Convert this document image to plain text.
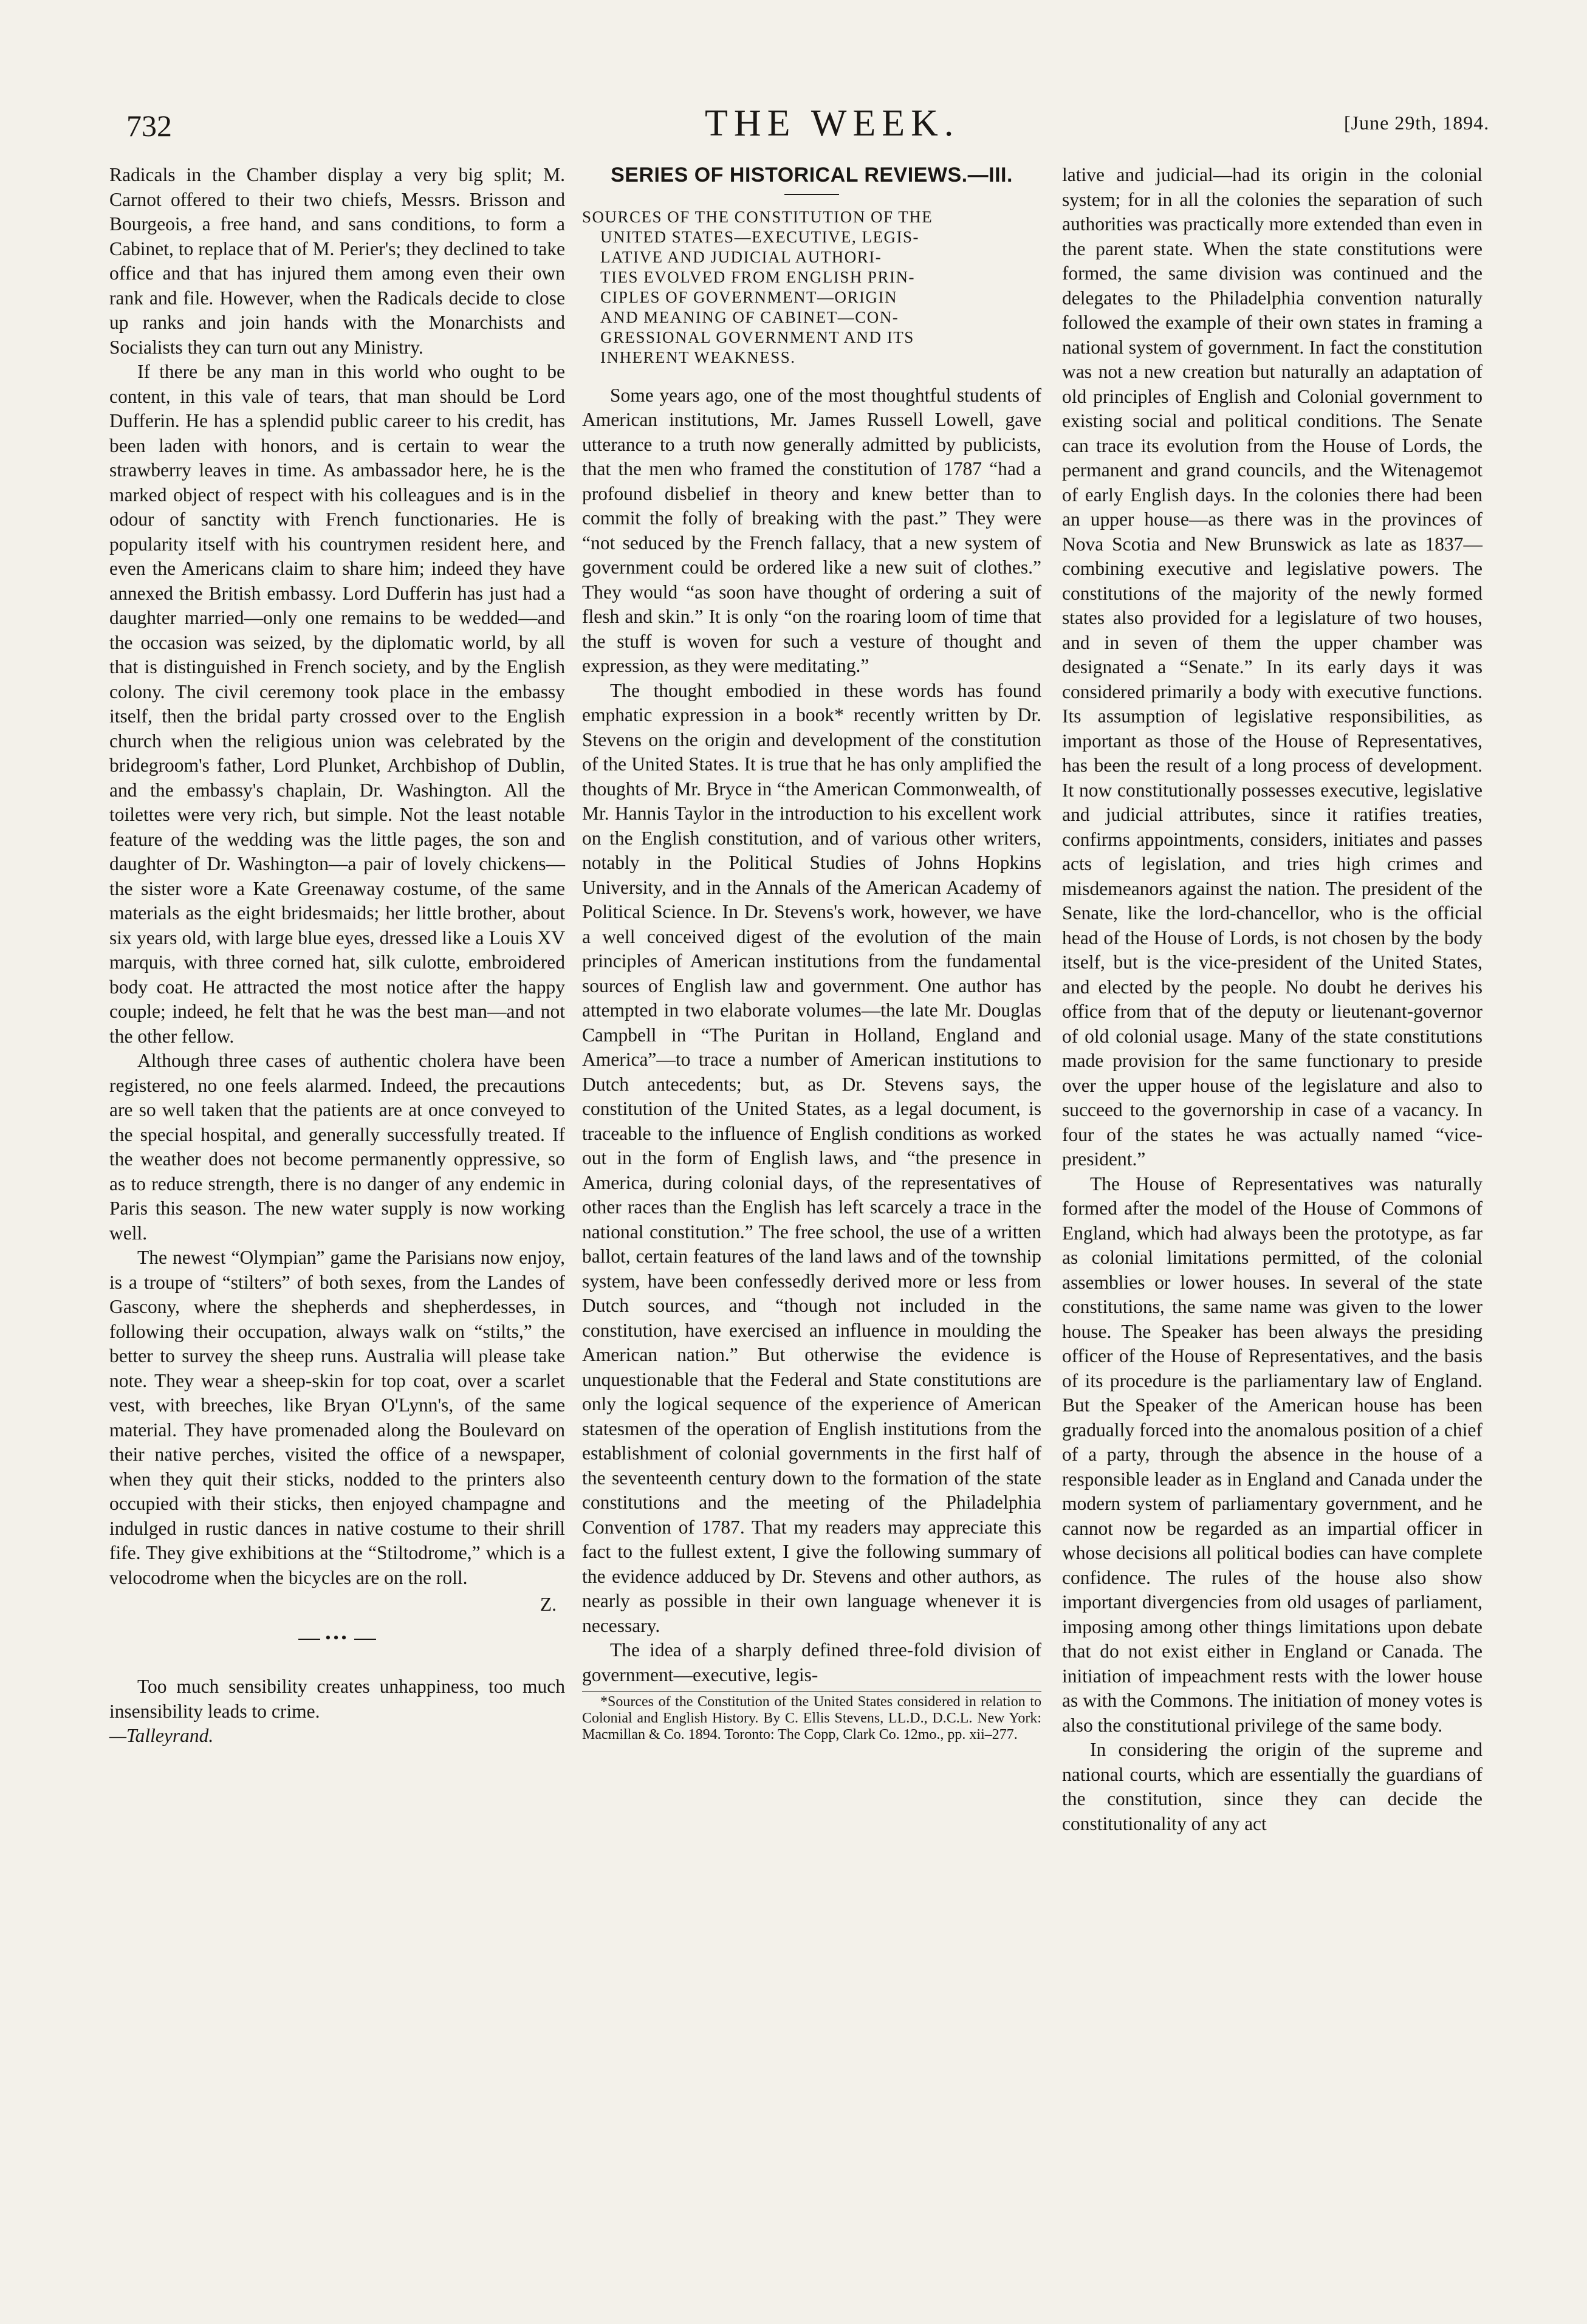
732	THE WEEK.	[June 29th, 1894.

Radicals in the Chamber display a very big split; M. Carnot offered to their two chiefs, Messrs. Brisson and Bourgeois, a free hand, and sans conditions, to form a Cabinet, to replace that of M. Perier's; they declined to take office and that has injured them among even their own rank and file. However, when the Radicals decide to close up ranks and join hands with the Monarchists and Socialists they can turn out any Ministry.

If there be any man in this world who ought to be content, in this vale of tears, that man should be Lord Dufferin. He has a splendid public career to his credit, has been laden with honors, and is certain to wear the strawberry leaves in time. As ambassador here, he is the marked object of respect with his colleagues and is in the odour of sanctity with French functionaries. He is popularity itself with his countrymen resident here, and even the Americans claim to share him; indeed they have annexed the British embassy. Lord Dufferin has just had a daughter married—only one remains to be wedded—and the occasion was seized, by the diplomatic world, by all that is distinguished in French society, and by the English colony. The civil ceremony took place in the embassy itself, then the bridal party crossed over to the English church when the religious union was celebrated by the bridegroom's father, Lord Plunket, Archbishop of Dublin, and the embassy's chaplain, Dr. Washington. All the toilettes were very rich, but simple. Not the least notable feature of the wedding was the little pages, the son and daughter of Dr. Washington—a pair of lovely chickens—the sister wore a Kate Greenaway costume, of the same materials as the eight bridesmaids; her little brother, about six years old, with large blue eyes, dressed like a Louis XV marquis, with three corned hat, silk culotte, embroidered body coat. He attracted the most notice after the happy couple; indeed, he felt that he was the best man—and not the other fellow.

Although three cases of authentic cholera have been registered, no one feels alarmed. Indeed, the precautions are so well taken that the patients are at once conveyed to the special hospital, and generally successfully treated. If the weather does not become permanently oppressive, so as to reduce strength, there is no danger of any endemic in Paris this season. The new water supply is now working well.

The newest “Olympian” game the Parisians now enjoy, is a troupe of “stilters” of both sexes, from the Landes of Gascony, where the shepherds and shepherdesses, in following their occupation, always walk on “stilts,” the better to survey the sheep runs. Australia will please take note. They wear a sheep-skin for top coat, over a scarlet vest, with breeches, like Bryan O'Lynn's, of the same material. They have promenaded along the Boulevard on their native perches, visited the office of a newspaper, when they quit their sticks, nodded to the printers also occupied with their sticks, then enjoyed champagne and indulged in rustic dances in native costume to their shrill fife. They give exhibitions at the “Stiltodrome,” which is a velocodrome when the bicycles are on the roll.

Z.
•••

Too much sensibility creates unhappiness, too much insensibility leads to crime.

—Talleyrand.
SERIES OF HISTORICAL REVIEWS.—III.
SOURCES OF THE CONSTITUTION OF THE
UNITED STATES—EXECUTIVE, LEGIS-
LATIVE AND JUDICIAL AUTHORI-
TIES EVOLVED FROM ENGLISH PRIN-
CIPLES OF GOVERNMENT—ORIGIN
AND MEANING OF CABINET—CON-
GRESSIONAL GOVERNMENT AND ITS
INHERENT WEAKNESS.

Some years ago, one of the most thoughtful students of American institutions, Mr. James Russell Lowell, gave utterance to a truth now generally admitted by publicists, that the men who framed the constitution of 1787 “had a profound disbelief in theory and knew better than to commit the folly of breaking with the past.” They were “not seduced by the French fallacy, that a new system of government could be ordered like a new suit of clothes.” They would “as soon have thought of ordering a suit of flesh and skin.” It is only “on the roaring loom of time that the stuff is woven for such a vesture of thought and expression, as they were meditating.”

The thought embodied in these words has found emphatic expression in a book* recently written by Dr. Stevens on the origin and development of the constitution of the United States. It is true that he has only amplified the thoughts of Mr. Bryce in “the American Commonwealth, of Mr. Hannis Taylor in the introduction to his excellent work on the English constitution, and of various other writers, notably in the Political Studies of Johns Hopkins University, and in the Annals of the American Academy of Political Science. In Dr. Stevens's work, however, we have a well conceived digest of the evolution of the main principles of American institutions from the fundamental sources of English law and government. One author has attempted in two elaborate volumes—the late Mr. Douglas Campbell in “The Puritan in Holland, England and America”—to trace a number of American institutions to Dutch antecedents; but, as Dr. Stevens says, the constitution of the United States, as a legal document, is traceable to the influence of English conditions as worked out in the form of English laws, and “the presence in America, during colonial days, of the representatives of other races than the English has left scarcely a trace in the national constitution.” The free school, the use of a written ballot, certain features of the land laws and of the township system, have been confessedly derived more or less from Dutch sources, and “though not included in the constitution, have exercised an influence in moulding the American nation.” But otherwise the evidence is unquestionable that the Federal and State constitutions are only the logical sequence of the experience of American statesmen of the operation of English institutions from the establishment of colonial governments in the first half of the seventeenth century down to the formation of the state constitutions and the meeting of the Philadelphia Convention of 1787. That my readers may appreciate this fact to the fullest extent, I give the following summary of the evidence adduced by Dr. Stevens and other authors, as nearly as possible in their own language whenever it is necessary.

The idea of a sharply defined three-fold division of government—executive, legis-

*Sources of the Constitution of the United States considered in relation to Colonial and English History. By C. Ellis Stevens, LL.D., D.C.L. New York: Macmillan & Co. 1894. Toronto: The Copp, Clark Co. 12mo., pp. xii–277.

lative and judicial—had its origin in the colonial system; for in all the colonies the separation of such authorities was practically more extended than even in the parent state. When the state constitutions were formed, the same division was continued and the delegates to the Philadelphia convention naturally followed the example of their own states in framing a national system of government. In fact the constitution was not a new creation but naturally an adaptation of old principles of English and Colonial government to existing social and political conditions. The Senate can trace its evolution from the House of Lords, the permanent and grand councils, and the Witenagemot of early English days. In the colonies there had been an upper house—as there was in the provinces of Nova Scotia and New Brunswick as late as 1837—combining executive and legislative powers. The constitutions of the majority of the newly formed states also provided for a legislature of two houses, and in seven of them the upper chamber was designated a “Senate.” In its early days it was considered primarily a body with executive functions. Its assumption of legislative responsibilities, as important as those of the House of Representatives, has been the result of a long process of development. It now constitutionally possesses executive, legislative and judicial attributes, since it ratifies treaties, confirms appointments, considers, initiates and passes acts of legislation, and tries high crimes and misdemeanors against the nation. The president of the Senate, like the lord-chancellor, who is the official head of the House of Lords, is not chosen by the body itself, but is the vice-president of the United States, and elected by the people. No doubt he derives his office from that of the deputy or lieutenant-governor of old colonial usage. Many of the state constitutions made provision for the same functionary to preside over the upper house of the legislature and also to succeed to the governorship in case of a vacancy. In four of the states he was actually named “vice-president.”

The House of Representatives was naturally formed after the model of the House of Commons of England, which had always been the prototype, as far as colonial limitations permitted, of the colonial assemblies or lower houses. In several of the state constitutions, the same name was given to the lower house. The Speaker has been always the presiding officer of the House of Representatives, and the basis of its procedure is the parliamentary law of England. But the Speaker of the American house has been gradually forced into the anomalous position of a chief of a party, through the absence in the house of a responsible leader as in England and Canada under the modern system of parliamentary government, and he cannot now be regarded as an impartial officer in whose decisions all political bodies can have complete confidence. The rules of the house also show important divergencies from old usages of parliament, imposing among other things limitations upon debate that do not exist either in England or Canada. The initiation of impeachment rests with the lower house as with the Commons. The initiation of money votes is also the constitutional privilege of the same body.

In considering the origin of the supreme and national courts, which are essentially the guardians of the constitution, since they can decide the constitutionality of any act
